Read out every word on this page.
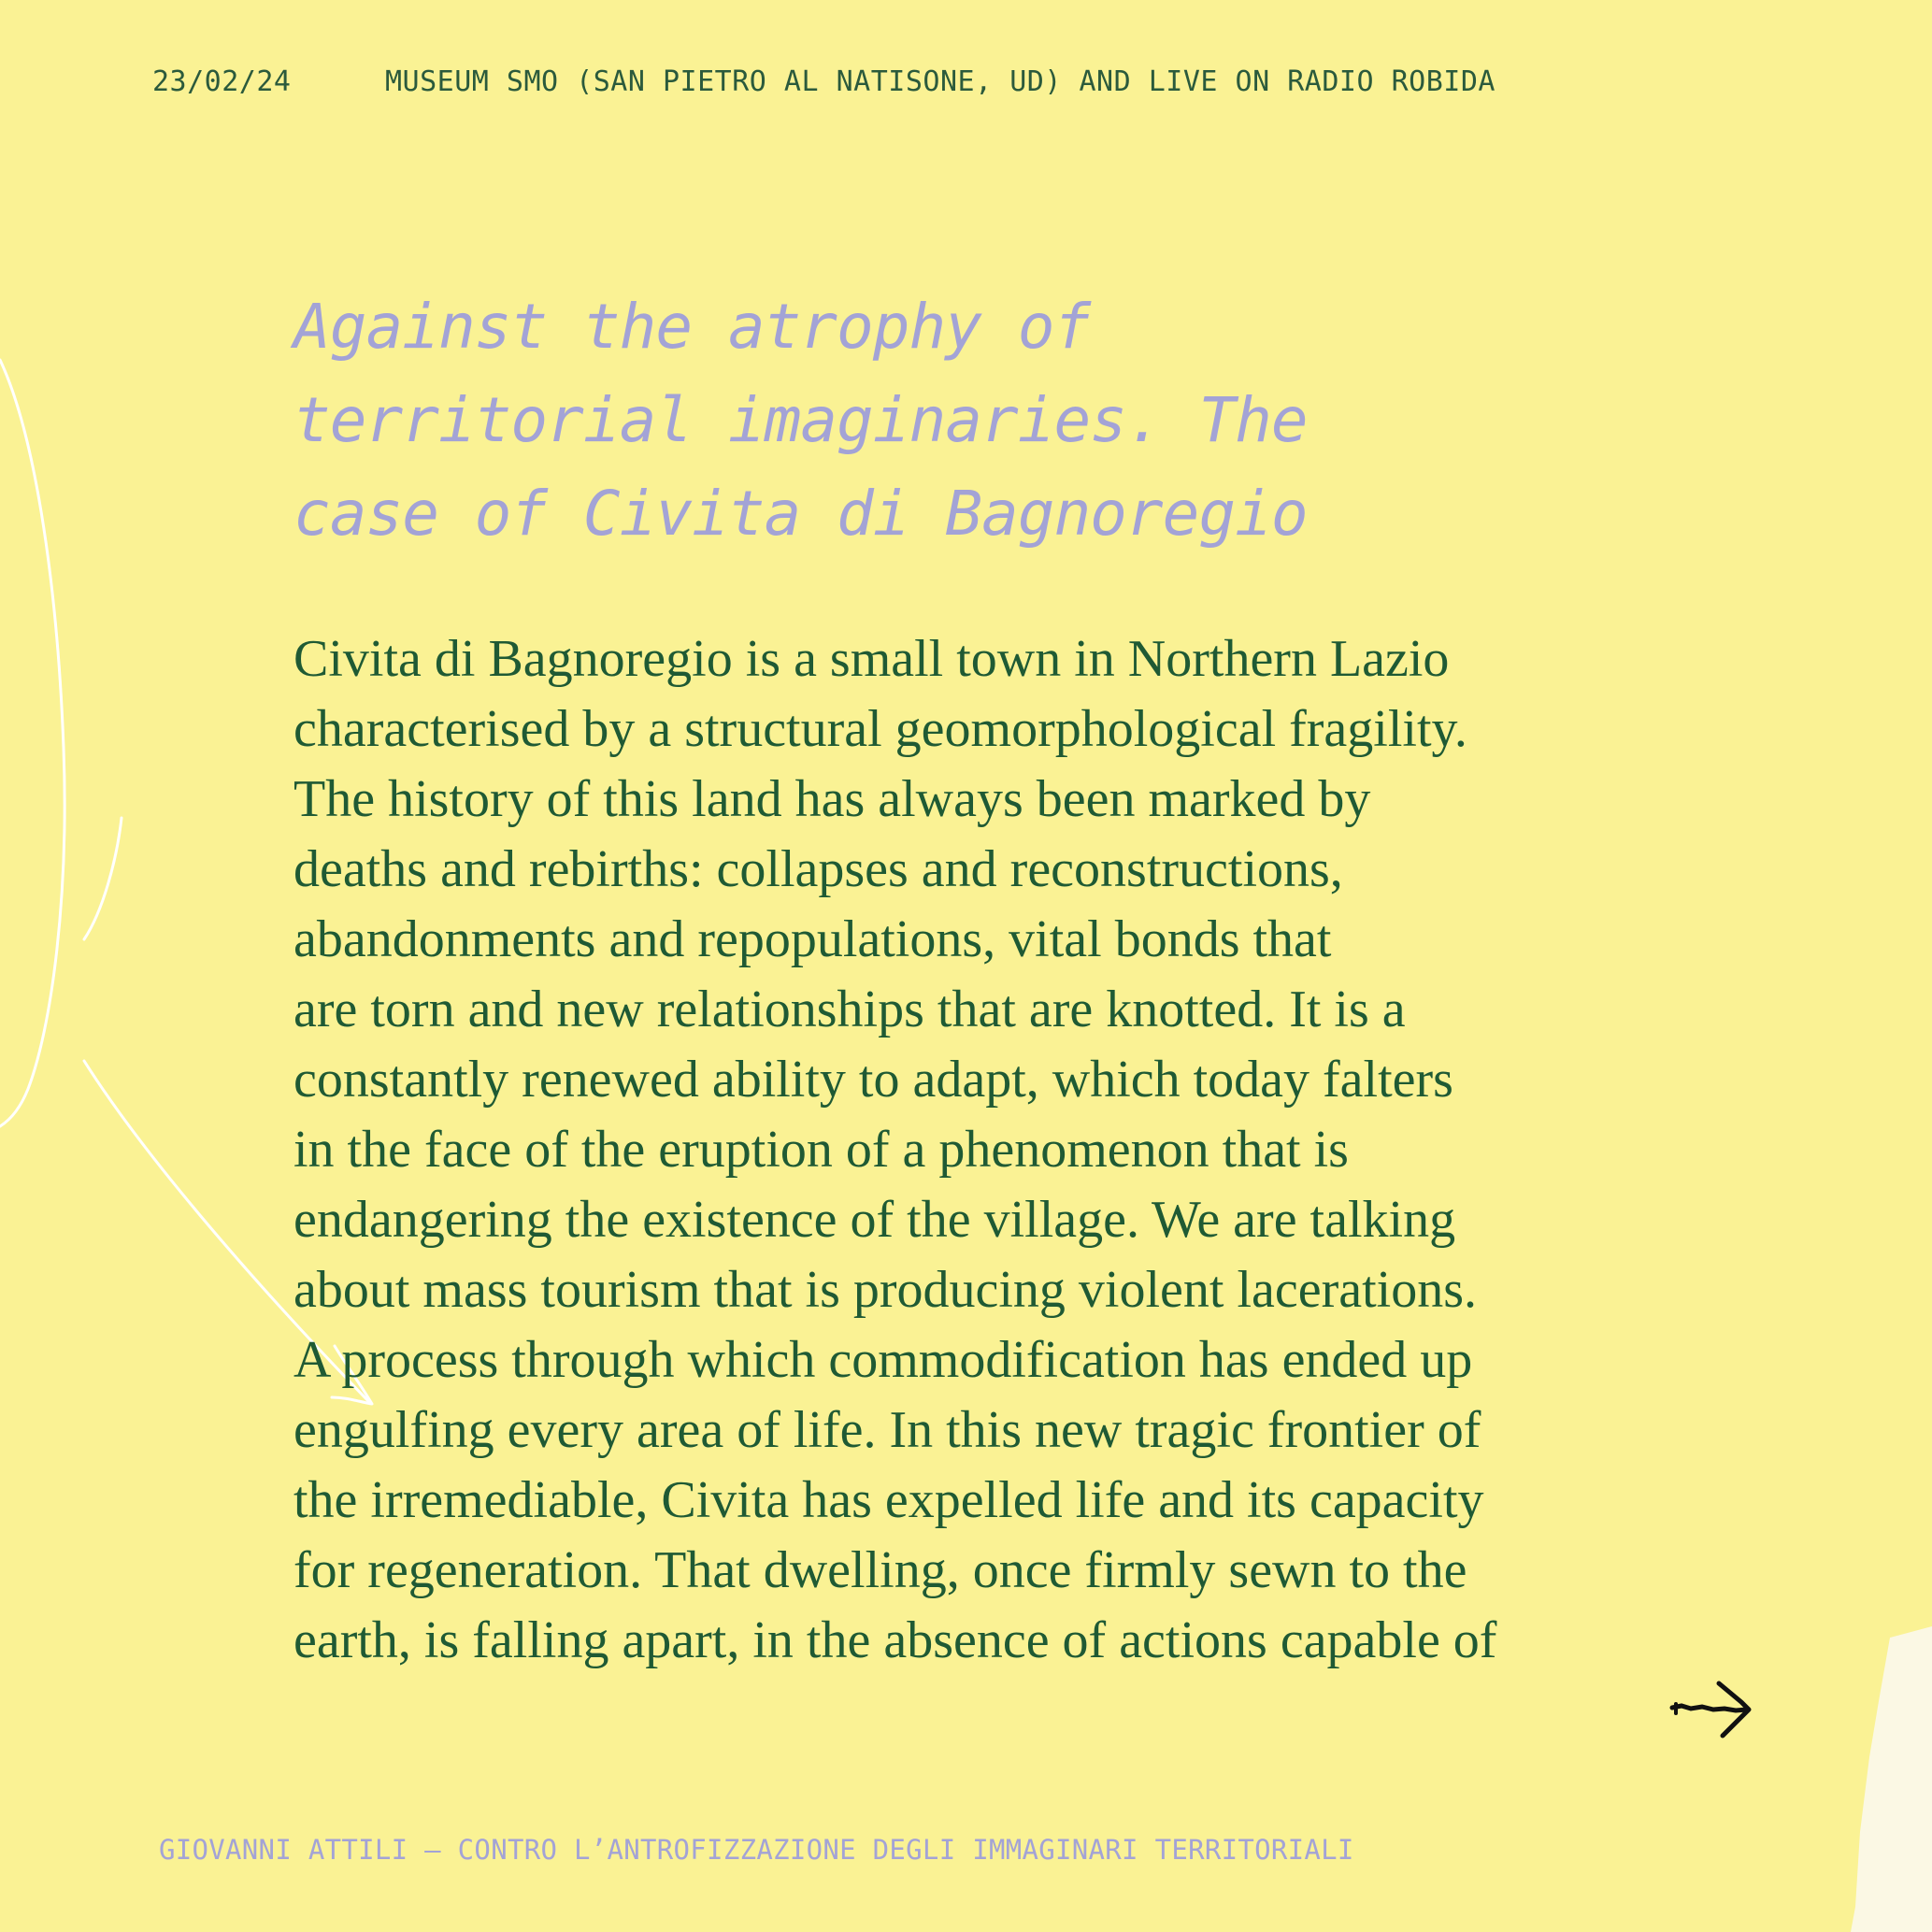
23/02/24	MUSEUM SMO (SAN PIETRO AL NATISONE, UD) AND LIVE ON RADIO ROBIDA
Against the atrophy of territorial imaginaries. The case of Civita di Bagnoregio
Civita di Bagnoregio is a small town in Northern Lazio
characterised by a structural geomorphological fragility.
The history of this land has always been marked by
deaths and rebirths: collapses and reconstructions,
abandonments and repopulations, vital bonds that
are torn and new relationships that are knotted. It is a
constantly renewed ability to adapt, which today falters
in the face of the eruption of a phenomenon that is
endangering the existence of the village. We are talking
about mass tourism that is producing violent lacerations.
A process through which commodification has ended up
engulfing every area of life. In this new tragic frontier of
the irremediable, Civita has expelled life and its capacity
for regeneration. That dwelling, once firmly sewn to the
earth, is falling apart, in the absence of actions capable of
GIOVANNI ATTILI – CONTRO L’ANTROFIZZAZIONE DEGLI IMMAGINARI TERRITORIALI
